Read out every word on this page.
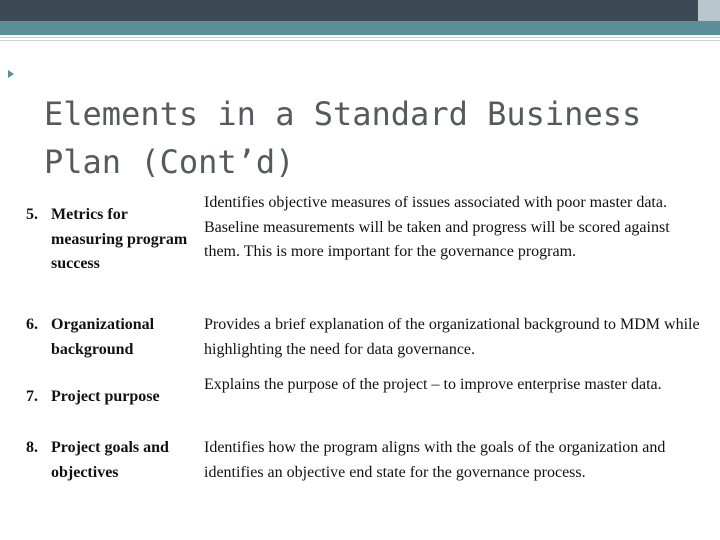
Elements in a Standard Business Plan (Cont’d)
5. Metrics for measuring program success
Identifies objective measures of issues associated with poor master data. Baseline measurements will be taken and progress will be scored against them. This is more important for the governance program.
6. Organizational background
Provides a brief explanation of the organizational background to MDM while highlighting the need for data governance.
7. Project purpose
Explains the purpose of the project – to improve enterprise master data.
8. Project goals and objectives
Identifies how the program aligns with the goals of the organization and identifies an objective end state for the governance process.
